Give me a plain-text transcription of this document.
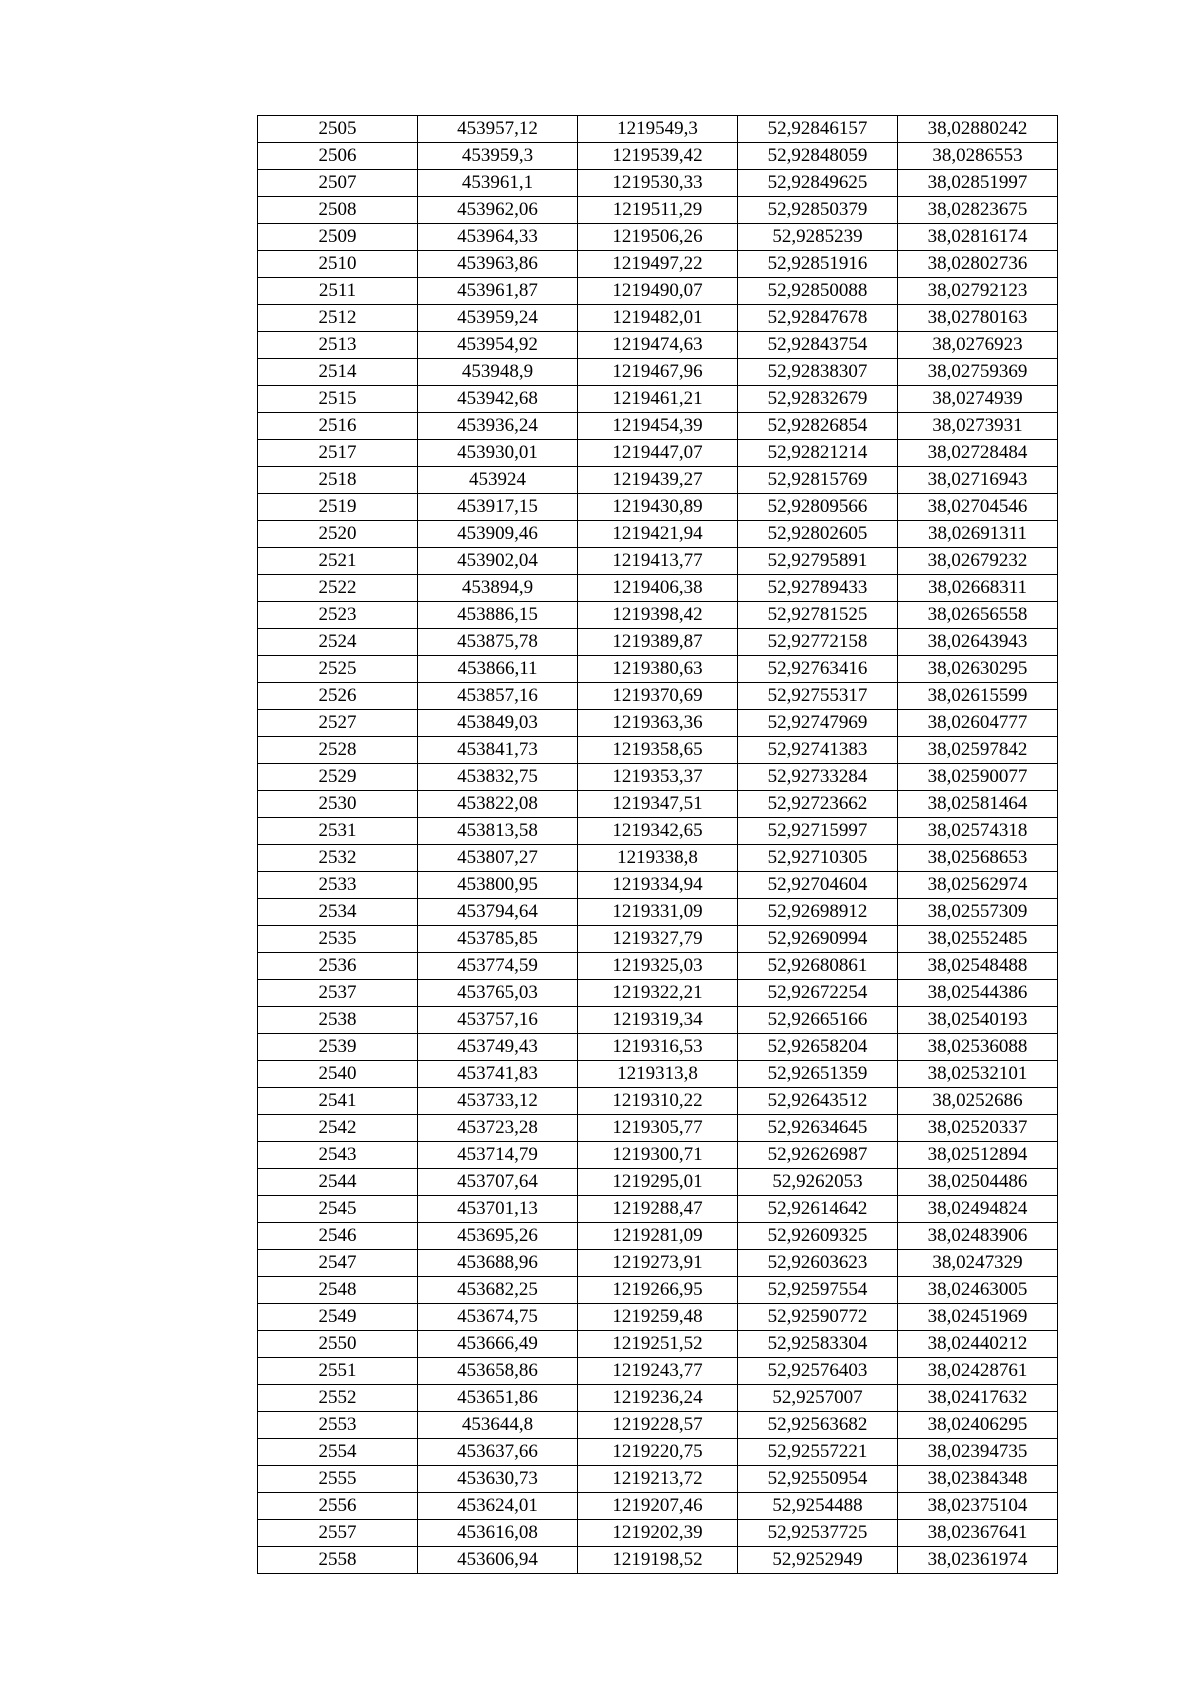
2505	453957,12	1219549,3	52,92846157	38,02880242
2506	453959,3	1219539,42	52,92848059	38,0286553
2507	453961,1	1219530,33	52,92849625	38,02851997
2508	453962,06	1219511,29	52,92850379	38,02823675
2509	453964,33	1219506,26	52,9285239	38,02816174
2510	453963,86	1219497,22	52,92851916	38,02802736
2511	453961,87	1219490,07	52,92850088	38,02792123
2512	453959,24	1219482,01	52,92847678	38,02780163
2513	453954,92	1219474,63	52,92843754	38,0276923
2514	453948,9	1219467,96	52,92838307	38,02759369
2515	453942,68	1219461,21	52,92832679	38,0274939
2516	453936,24	1219454,39	52,92826854	38,0273931
2517	453930,01	1219447,07	52,92821214	38,02728484
2518	453924	1219439,27	52,92815769	38,02716943
2519	453917,15	1219430,89	52,92809566	38,02704546
2520	453909,46	1219421,94	52,92802605	38,02691311
2521	453902,04	1219413,77	52,92795891	38,02679232
2522	453894,9	1219406,38	52,92789433	38,02668311
2523	453886,15	1219398,42	52,92781525	38,02656558
2524	453875,78	1219389,87	52,92772158	38,02643943
2525	453866,11	1219380,63	52,92763416	38,02630295
2526	453857,16	1219370,69	52,92755317	38,02615599
2527	453849,03	1219363,36	52,92747969	38,02604777
2528	453841,73	1219358,65	52,92741383	38,02597842
2529	453832,75	1219353,37	52,92733284	38,02590077
2530	453822,08	1219347,51	52,92723662	38,02581464
2531	453813,58	1219342,65	52,92715997	38,02574318
2532	453807,27	1219338,8	52,92710305	38,02568653
2533	453800,95	1219334,94	52,92704604	38,02562974
2534	453794,64	1219331,09	52,92698912	38,02557309
2535	453785,85	1219327,79	52,92690994	38,02552485
2536	453774,59	1219325,03	52,92680861	38,02548488
2537	453765,03	1219322,21	52,92672254	38,02544386
2538	453757,16	1219319,34	52,92665166	38,02540193
2539	453749,43	1219316,53	52,92658204	38,02536088
2540	453741,83	1219313,8	52,92651359	38,02532101
2541	453733,12	1219310,22	52,92643512	38,0252686
2542	453723,28	1219305,77	52,92634645	38,02520337
2543	453714,79	1219300,71	52,92626987	38,02512894
2544	453707,64	1219295,01	52,9262053	38,02504486
2545	453701,13	1219288,47	52,92614642	38,02494824
2546	453695,26	1219281,09	52,92609325	38,02483906
2547	453688,96	1219273,91	52,92603623	38,0247329
2548	453682,25	1219266,95	52,92597554	38,02463005
2549	453674,75	1219259,48	52,92590772	38,02451969
2550	453666,49	1219251,52	52,92583304	38,02440212
2551	453658,86	1219243,77	52,92576403	38,02428761
2552	453651,86	1219236,24	52,9257007	38,02417632
2553	453644,8	1219228,57	52,92563682	38,02406295
2554	453637,66	1219220,75	52,92557221	38,02394735
2555	453630,73	1219213,72	52,92550954	38,02384348
2556	453624,01	1219207,46	52,9254488	38,02375104
2557	453616,08	1219202,39	52,92537725	38,02367641
2558	453606,94	1219198,52	52,9252949	38,02361974
